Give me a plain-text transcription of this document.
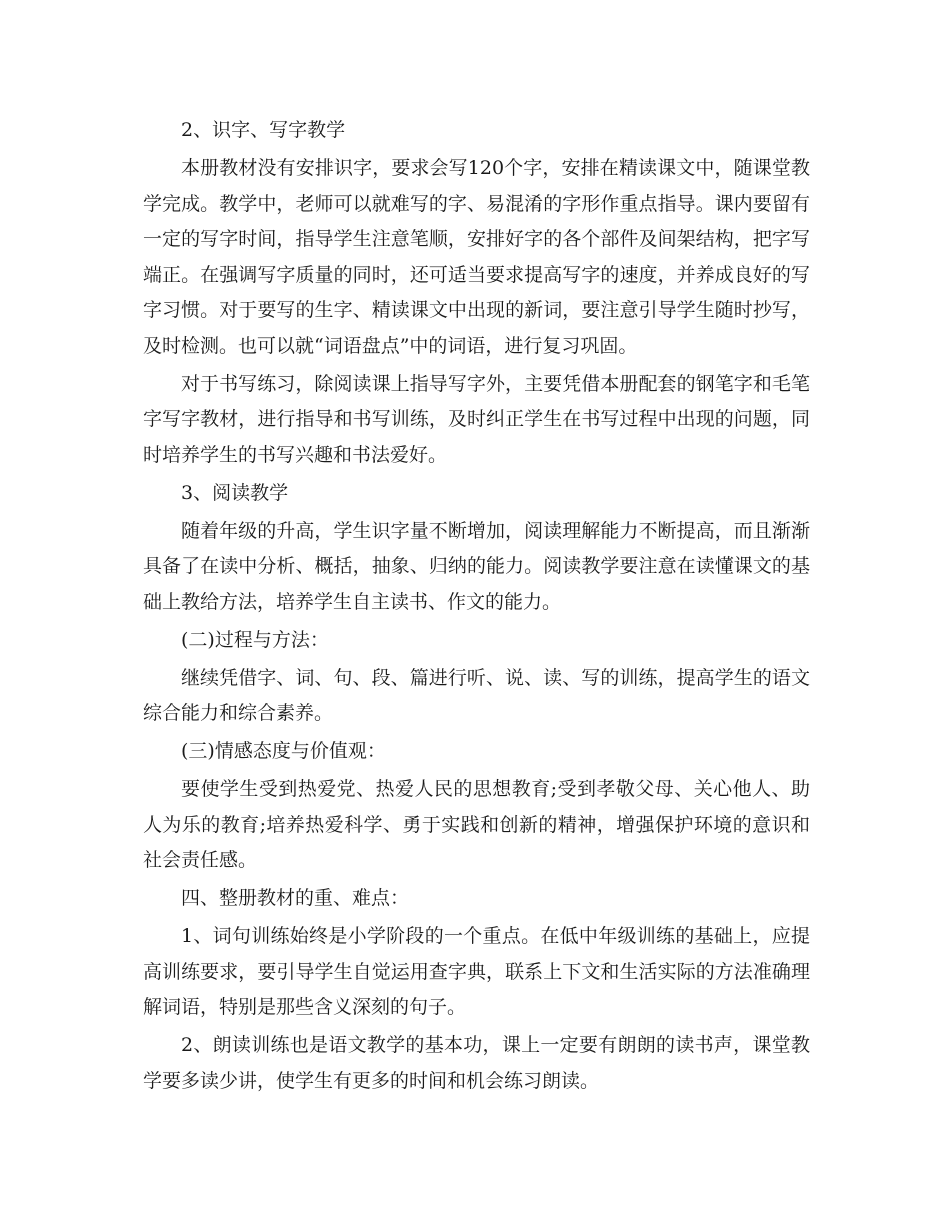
2、识字、写字教学

本册教材没有安排识字，要求会写120个字，安排在精读课文中，随课堂教学完成。教学中，老师可以就难写的字、易混淆的字形作重点指导。课内要留有一定的写字时间，指导学生注意笔顺，安排好字的各个部件及间架结构，把字写端正。在强调写字质量的同时，还可适当要求提高写字的速度，并养成良好的写字习惯。对于要写的生字、精读课文中出现的新词，要注意引导学生随时抄写，及时检测。也可以就“词语盘点”中的词语，进行复习巩固。

对于书写练习，除阅读课上指导写字外，主要凭借本册配套的钢笔字和毛笔字写字教材，进行指导和书写训练，及时纠正学生在书写过程中出现的问题，同时培养学生的书写兴趣和书法爱好。

3、阅读教学

随着年级的升高，学生识字量不断增加，阅读理解能力不断提高，而且渐渐具备了在读中分析、概括，抽象、归纳的能力。阅读教学要注意在读懂课文的基础上教给方法，培养学生自主读书、作文的能力。

(二)过程与方法：

继续凭借字、词、句、段、篇进行听、说、读、写的训练，提高学生的语文综合能力和综合素养。

(三)情感态度与价值观：

要使学生受到热爱党、热爱人民的思想教育;受到孝敬父母、关心他人、助人为乐的教育;培养热爱科学、勇于实践和创新的精神，增强保护环境的意识和社会责任感。

四、整册教材的重、难点：

1、词句训练始终是小学阶段的一个重点。在低中年级训练的基础上，应提高训练要求，要引导学生自觉运用查字典，联系上下文和生活实际的方法准确理解词语，特别是那些含义深刻的句子。

2、朗读训练也是语文教学的基本功，课上一定要有朗朗的读书声，课堂教学要多读少讲，使学生有更多的时间和机会练习朗读。
